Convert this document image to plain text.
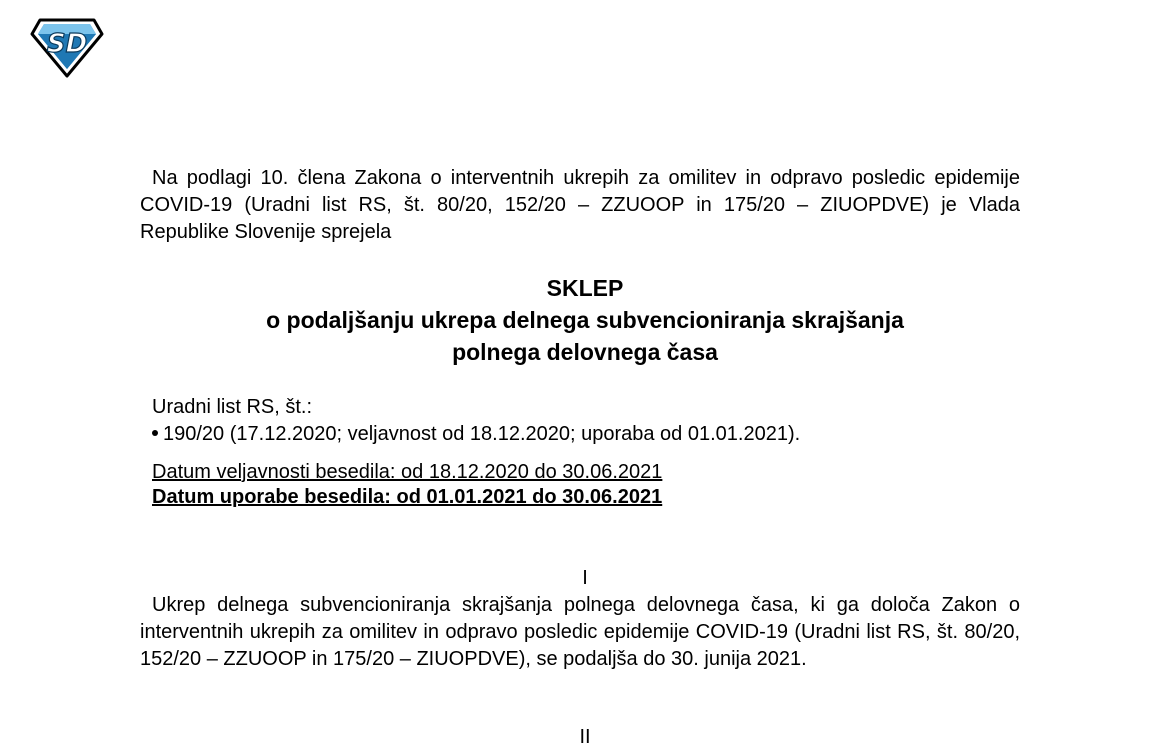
SD

Na podlagi 10. člena Zakona o interventnih ukrepih za omilitev in odpravo posledic epidemije COVID-19 (Uradni list RS, št. 80/20, 152/20 – ZZUOOP in 175/20 – ZIUOPDVE) je Vlada Republike Slovenije sprejela

SKLEP
o podaljšanju ukrepa delnega subvencioniranja skrajšanja
polnega delovnega časa

Uradni list RS, št.:

190/20 (17.12.2020; veljavnost od 18.12.2020; uporaba od 01.01.2021).
Datum veljavnosti besedila: od 18.12.2020 do 30.06.2021
Datum uporabe besedila: od 01.01.2021 do 30.06.2021
I

Ukrep delnega subvencioniranja skrajšanja polnega delovnega časa, ki ga določa Zakon o interventnih ukrepih za omilitev in odpravo posledic epidemije COVID-19 (Uradni list RS, št. 80/20, 152/20 – ZZUOOP in 175/20 – ZIUOPDVE), se podaljša do 30. junija 2021.

II
